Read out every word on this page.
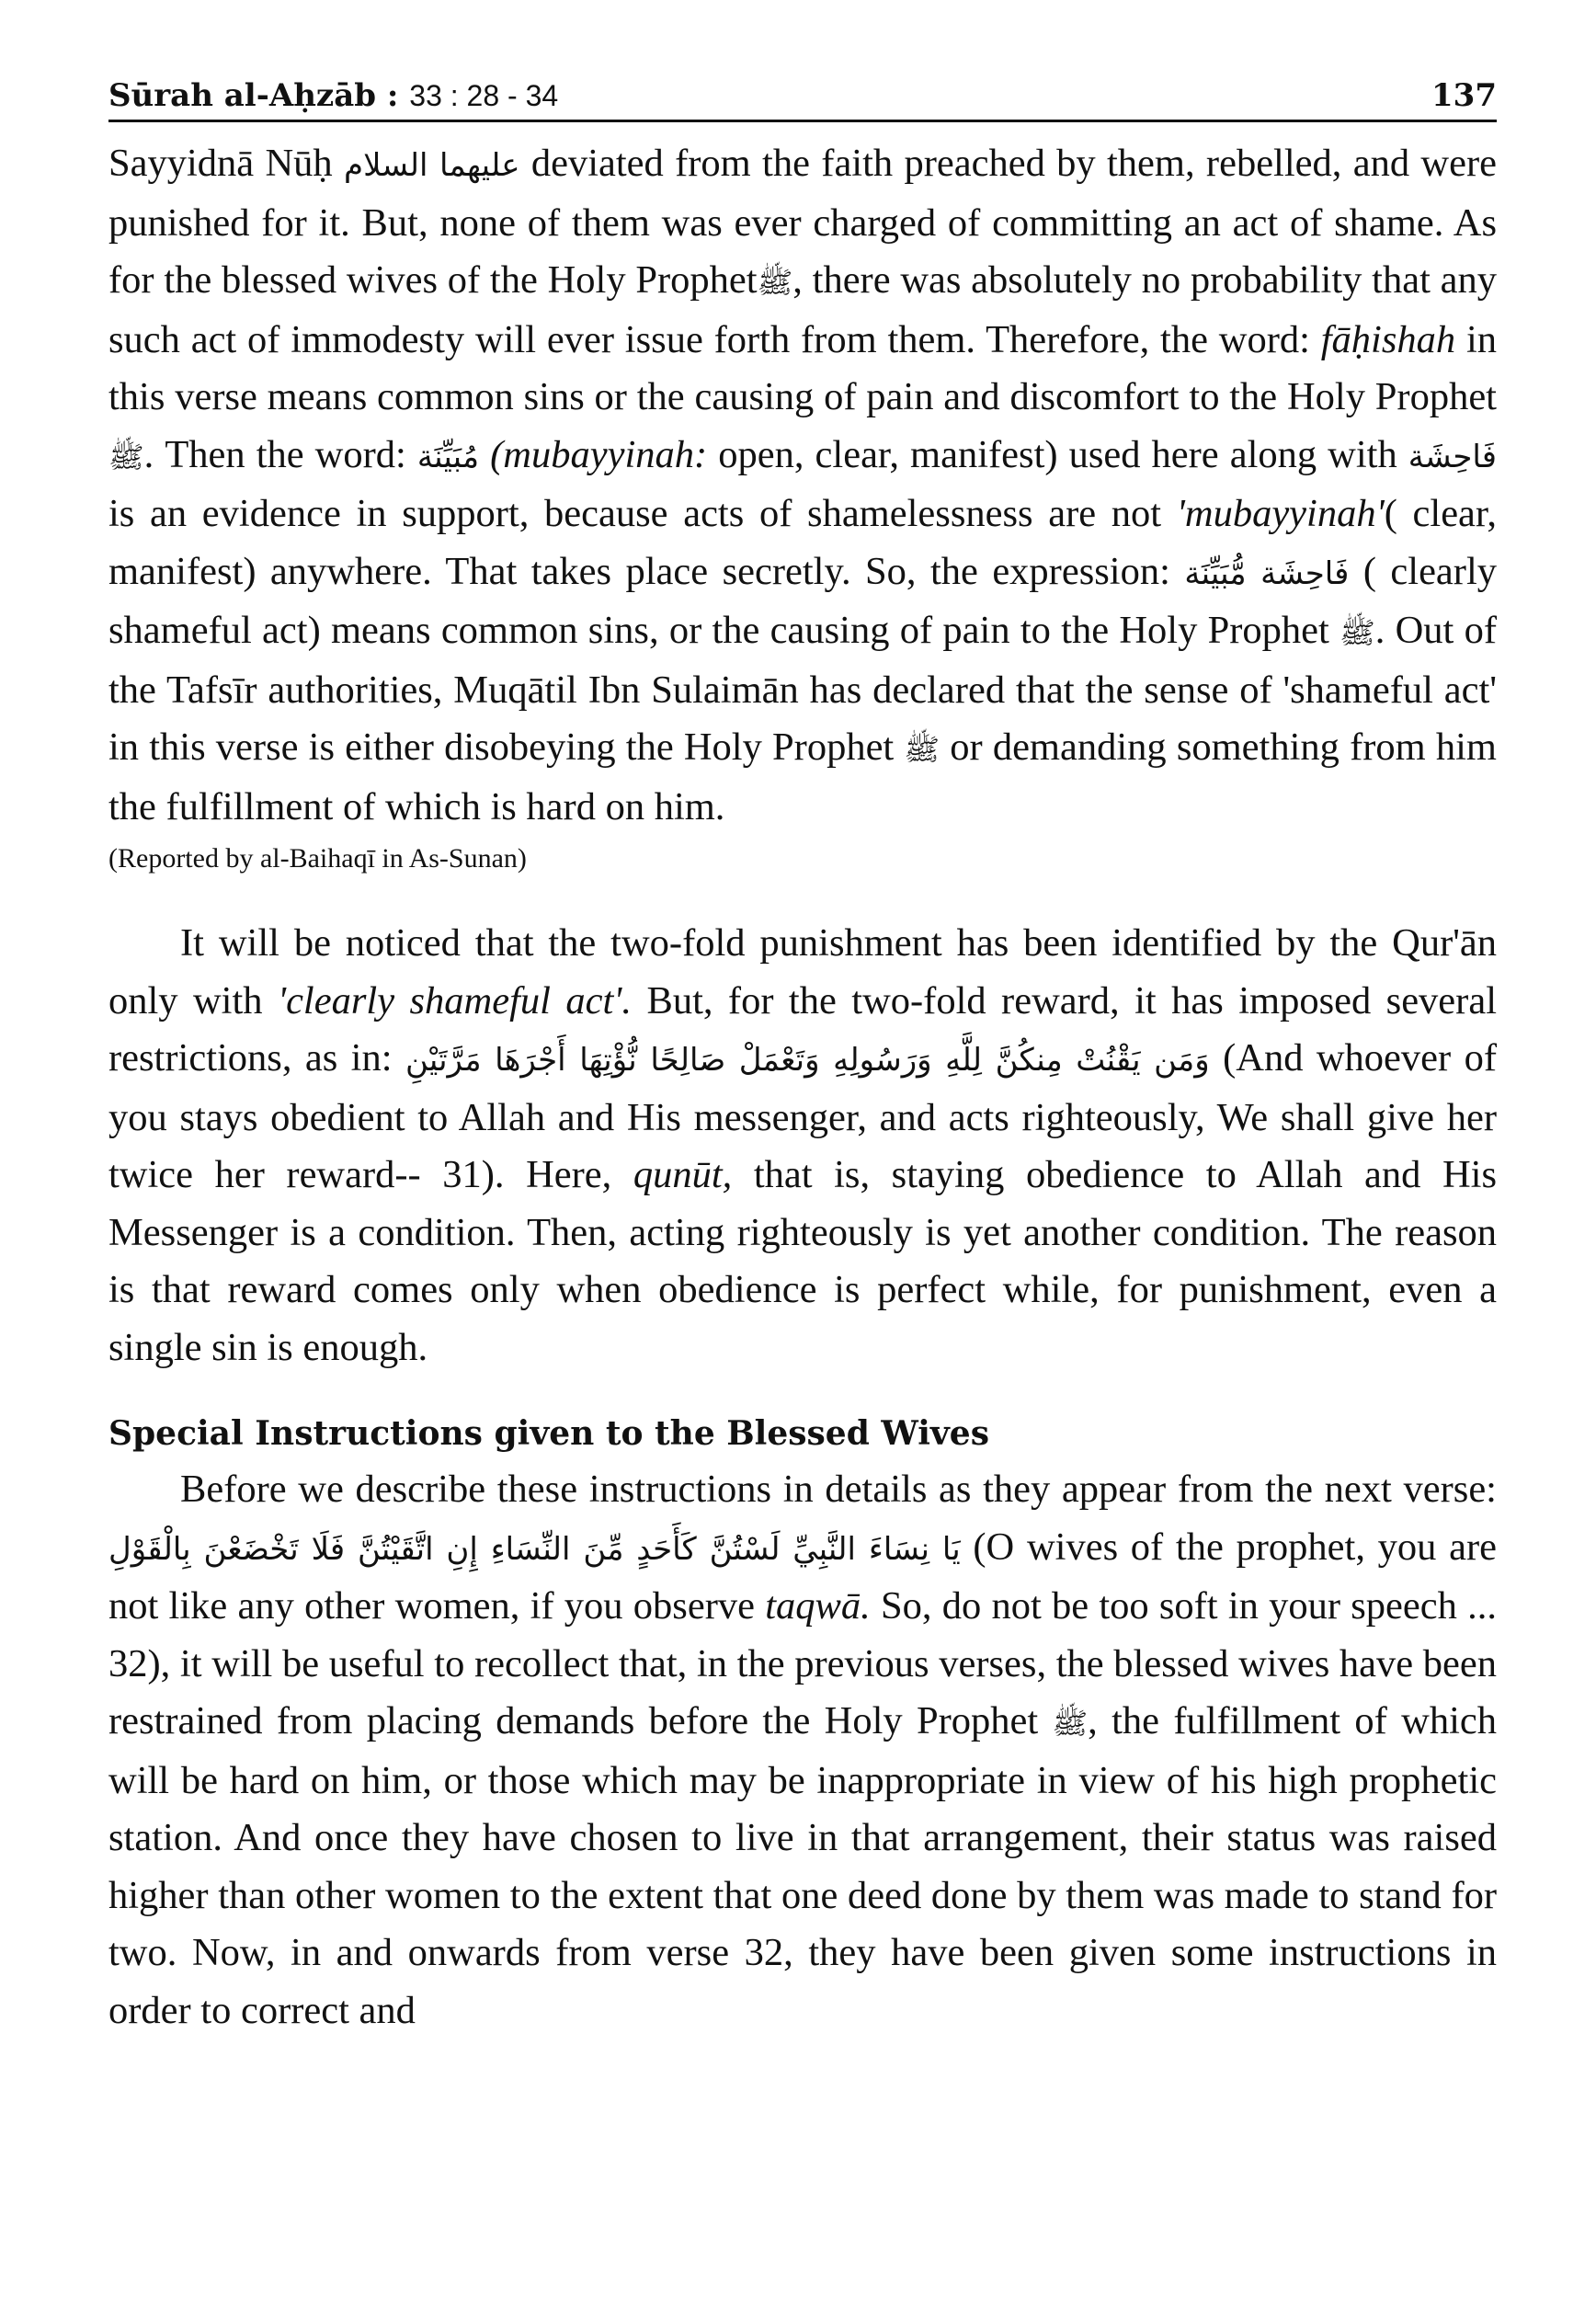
Sūrah al-Aḥzāb : 33 : 28 - 34	137

Sayyidnā Nūḥ عليهما السلام deviated from the faith preached by them, rebelled, and were punished for it. But, none of them was ever charged of committing an act of shame. As for the blessed wives of the Holy Prophetﷺ, there was absolutely no probability that any such act of immodesty will ever issue forth from them. Therefore, the word: fāḥishah in this verse means common sins or the causing of pain and discomfort to the Holy Prophet ﷺ. Then the word: مُبَيِّنَة (mubayyinah: open, clear, manifest) used here along with فَاحِشَة is an evidence in support, because acts of shamelessness are not 'mubayyinah'( clear, manifest) anywhere. That takes place secretly. So, the expression: فَاحِشَة مُّبَيِّنَة ( clearly shameful act) means common sins, or the causing of pain to the Holy Prophet ﷺ. Out of the Tafsīr authorities, Muqātil Ibn Sulaimān has declared that the sense of 'shameful act' in this verse is either disobeying the Holy Prophet ﷺ or demanding something from him the fulfillment of which is hard on him.

(Reported by al-Baihaqī in As-Sunan)

It will be noticed that the two-fold punishment has been identified by the Qur'ān only with 'clearly shameful act'. But, for the two-fold reward, it has imposed several restrictions, as in: وَمَن يَقْنُتْ مِنكُنَّ لِلَّهِ وَرَسُولِهِ وَتَعْمَلْ صَالِحًا نُّؤْتِهَا أَجْرَهَا مَرَّتَيْنِ (And whoever of you stays obedient to Allah and His messenger, and acts righteously, We shall give her twice her reward-- 31). Here, qunūt, that is, staying obedience to Allah and His Messenger is a condition. Then, acting righteously is yet another condition. The reason is that reward comes only when obedience is perfect while, for punishment, even a single sin is enough.

Special Instructions given to the Blessed Wives

Before we describe these instructions in details as they appear from the next verse: يَا نِسَاءَ النَّبِيِّ لَسْتُنَّ كَأَحَدٍ مِّنَ النِّسَاءِ إِنِ اتَّقَيْتُنَّ فَلَا تَخْضَعْنَ بِالْقَوْلِ (O wives of the prophet, you are not like any other women, if you observe taqwā. So, do not be too soft in your speech ... 32), it will be useful to recollect that, in the previous verses, the blessed wives have been restrained from placing demands before the Holy Prophet ﷺ, the fulfillment of which will be hard on him, or those which may be inappropriate in view of his high prophetic station. And once they have chosen to live in that arrangement, their status was raised higher than other women to the extent that one deed done by them was made to stand for two. Now, in and onwards from verse 32, they have been given some instructions in order to correct and
